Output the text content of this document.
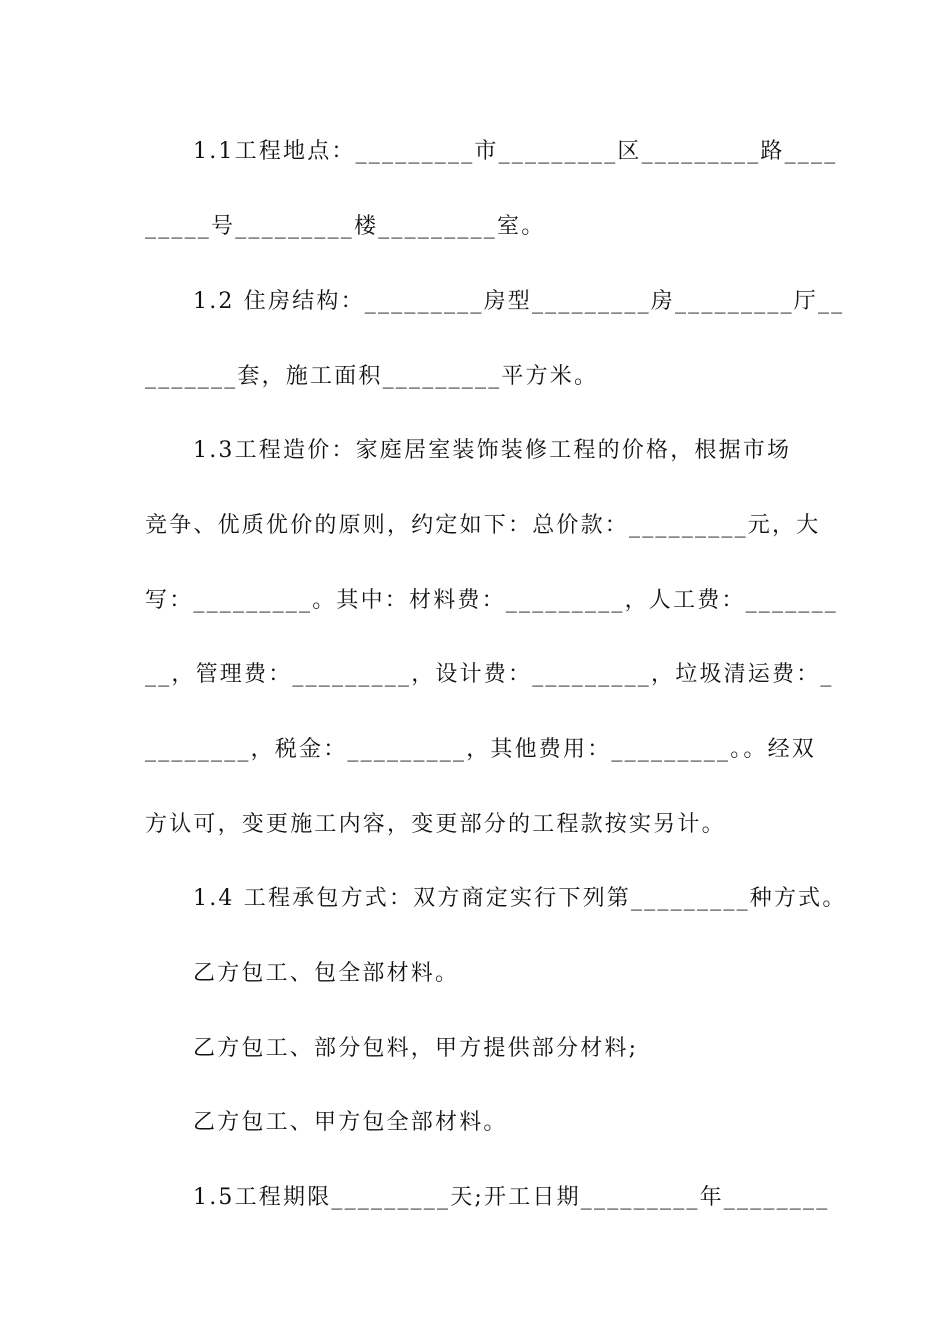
1.1工程地点：_________市_________区_________路____
_____号_________楼_________室。
1.2 住房结构：_________房型_________房_________厅__
_______套，施工面积_________平方米。
1.3工程造价：家庭居室装饰装修工程的价格，根据市场
竞争、优质优价的原则，约定如下：总价款：_________元，大
写：_________。其中：材料费：_________，人工费：_______
__，管理费：_________，设计费：_________，垃圾清运费：_
________，税金：_________，其他费用：_________。。经双
方认可，变更施工内容，变更部分的工程款按实另计。
1.4 工程承包方式：双方商定实行下列第_________种方式。
乙方包工、包全部材料。
乙方包工、部分包料，甲方提供部分材料;
乙方包工、甲方包全部材料。
1.5工程期限_________天;开工日期_________年________
